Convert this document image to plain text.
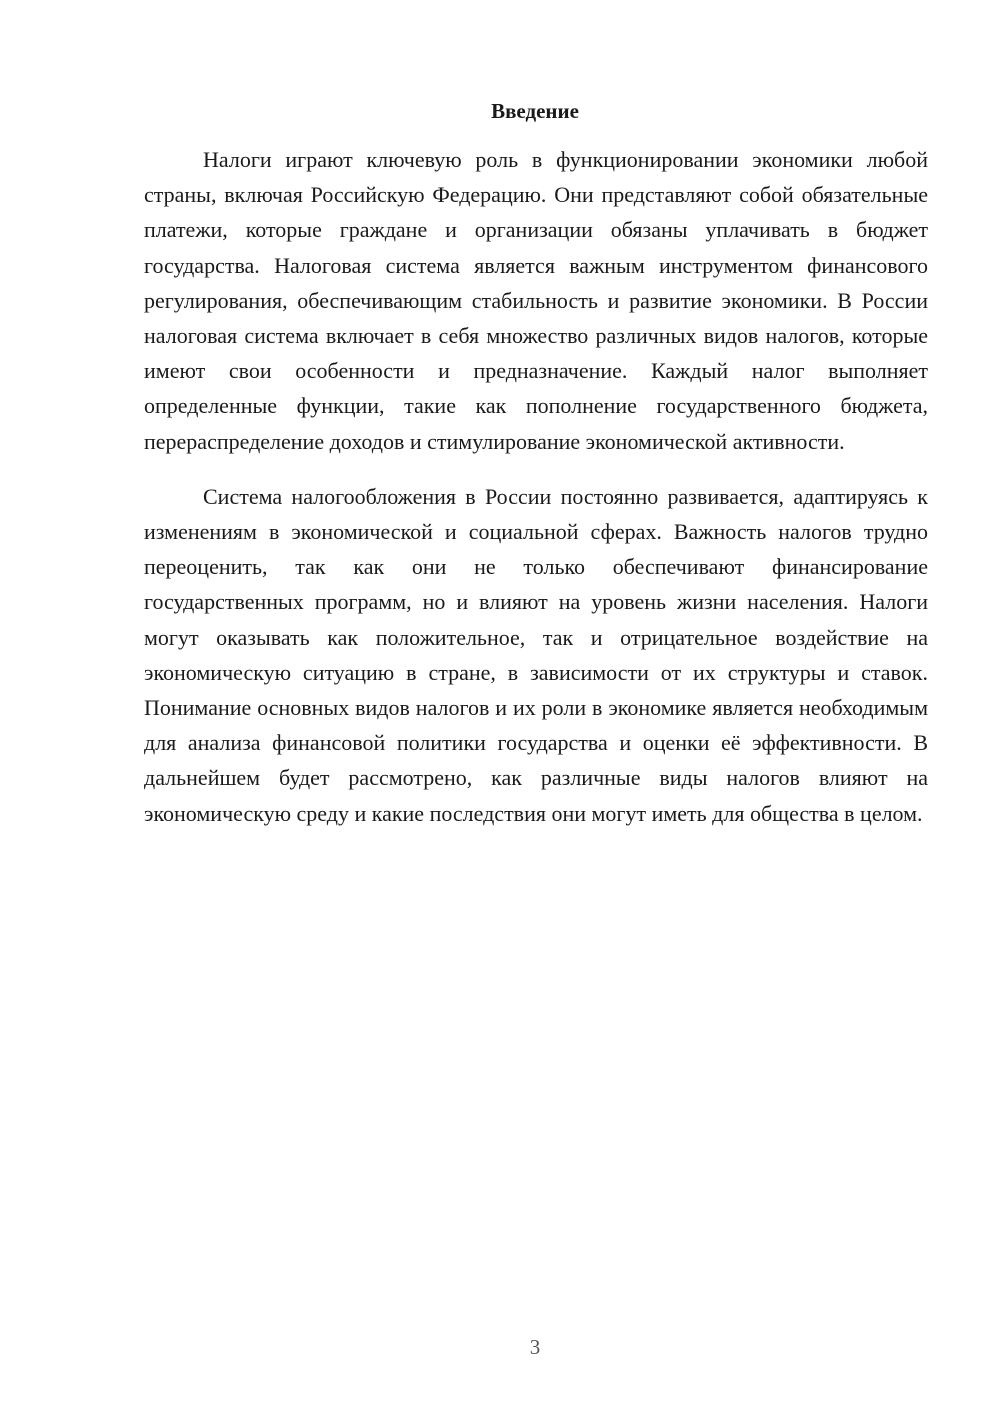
Введение

Налоги играют ключевую роль в функционировании экономики любой страны, включая Российскую Федерацию. Они представляют собой обязательные платежи, которые граждане и организации обязаны уплачивать в бюджет государства. Налоговая система является важным инструментом финансового регулирования, обеспечивающим стабильность и развитие экономики. В России налоговая система включает в себя множество различных видов налогов, которые имеют свои особенности и предназначение. Каждый налог выполняет определенные функции, такие как пополнение государственного бюджета, перераспределение доходов и стимулирование экономической активности.

Система налогообложения в России постоянно развивается, адаптируясь к изменениям в экономической и социальной сферах. Важность налогов трудно переоценить, так как они не только обеспечивают финансирование государственных программ, но и влияют на уровень жизни населения. Налоги могут оказывать как положительное, так и отрицательное воздействие на экономическую ситуацию в стране, в зависимости от их структуры и ставок. Понимание основных видов налогов и их роли в экономике является необходимым для анализа финансовой политики государства и оценки её эффективности. В дальнейшем будет рассмотрено, как различные виды налогов влияют на экономическую среду и какие последствия они могут иметь для общества в целом.

3
